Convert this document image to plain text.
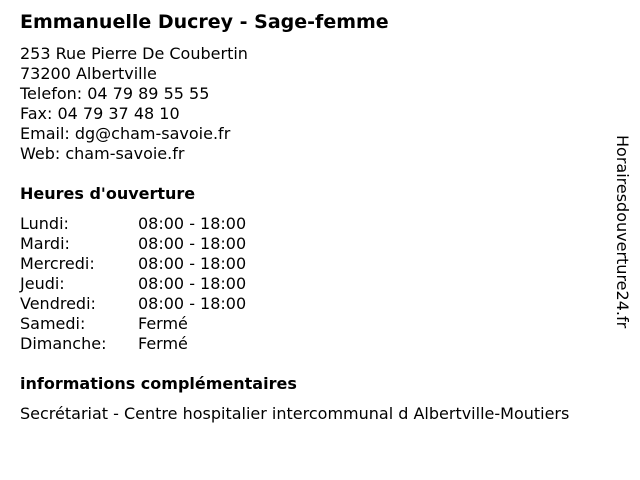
Emmanuelle Ducrey - Sage-femme
253 Rue Pierre De Coubertin
73200 Albertville
Telefon: 04 79 89 55 55
Fax: 04 79 37 48 10
Email: dg@cham-savoie.fr
Web: cham-savoie.fr
Heures d'ouverture
Lundi:	08:00 - 18:00
Mardi:	08:00 - 18:00
Mercredi:	08:00 - 18:00
Jeudi:	08:00 - 18:00
Vendredi:	08:00 - 18:00
Samedi:	Fermé
Dimanche:	Fermé
informations complémentaires
Secrétariat - Centre hospitalier intercommunal d Albertville-Moutiers
Horairesdouverture24.fr
